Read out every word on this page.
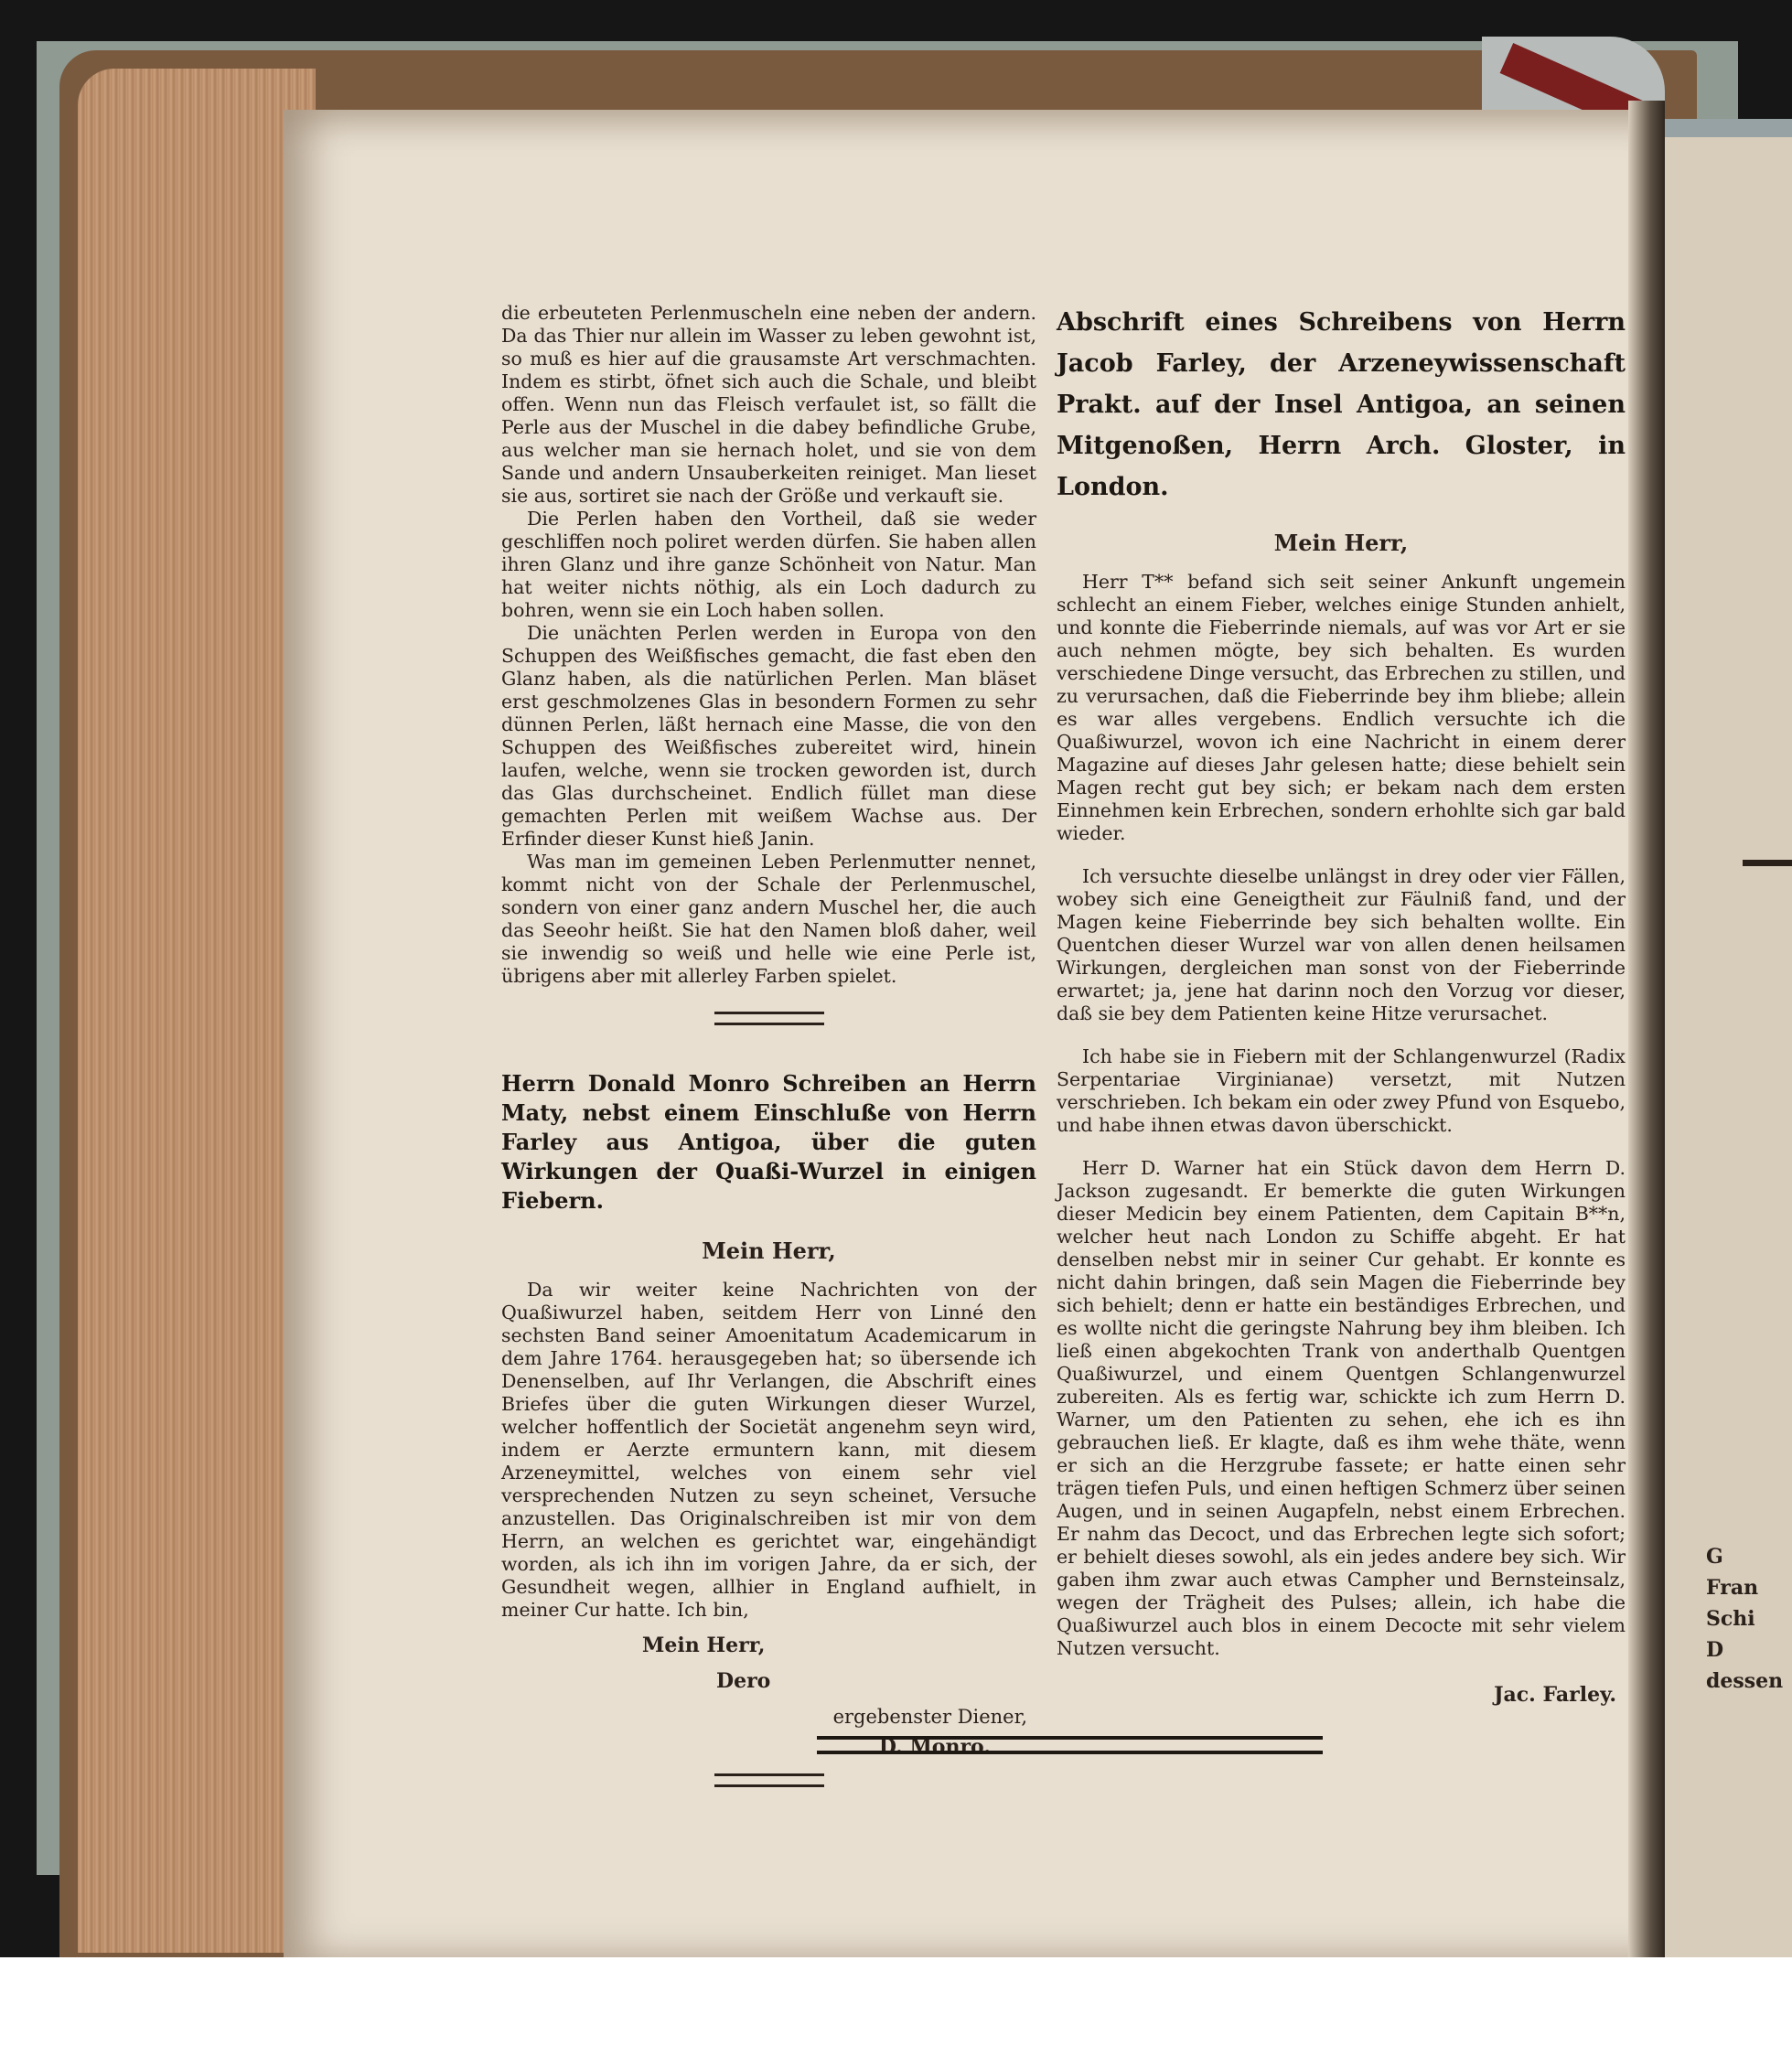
die erbeuteten Perlenmuscheln eine neben der andern. Da das Thier nur allein im Wasser zu leben gewohnt ist, so muß es hier auf die grausamste Art verschmachten. Indem es stirbt, öfnet sich auch die Schale, und bleibt offen. Wenn nun das Fleisch verfaulet ist, so fällt die Perle aus der Muschel in die dabey befindliche Grube, aus welcher man sie hernach holet, und sie von dem Sande und andern Unsauberkeiten reiniget. Man lieset sie aus, sortiret sie nach der Größe und verkauft sie.

Die Perlen haben den Vortheil, daß sie weder geschliffen noch poliret werden dürfen. Sie haben allen ihren Glanz und ihre ganze Schönheit von Natur. Man hat weiter nichts nöthig, als ein Loch dadurch zu bohren, wenn sie ein Loch haben sollen.

Die unächten Perlen werden in Europa von den Schuppen des Weißfisches gemacht, die fast eben den Glanz haben, als die natürlichen Perlen. Man bläset erst geschmolzenes Glas in besondern Formen zu sehr dünnen Perlen, läßt hernach eine Masse, die von den Schuppen des Weißfisches zubereitet wird, hinein laufen, welche, wenn sie trocken geworden ist, durch das Glas durchscheinet. Endlich füllet man diese gemachten Perlen mit weißem Wachse aus. Der Erfinder dieser Kunst hieß Janin.

Was man im gemeinen Leben Perlenmutter nennet, kommt nicht von der Schale der Perlenmuschel, sondern von einer ganz andern Muschel her, die auch das Seeohr heißt. Sie hat den Namen bloß daher, weil sie inwendig so weiß und helle wie eine Perle ist, übrigens aber mit allerley Farben spielet.

Herrn Donald Monro Schreiben an Herrn Maty, nebst einem Einschluße von Herrn Farley aus Antigoa, über die guten Wirkungen der Quaßi-Wurzel in einigen Fiebern.

Mein Herr,

Da wir weiter keine Nachrichten von der Quaßiwurzel haben, seitdem Herr von Linné den sechsten Band seiner Amoenitatum Academicarum in dem Jahre 1764. herausgegeben hat; so übersende ich Denenselben, auf Ihr Verlangen, die Abschrift eines Briefes über die guten Wirkungen dieser Wurzel, welcher hoffentlich der Societät angenehm seyn wird, indem er Aerzte ermuntern kann, mit diesem Arzeneymittel, welches von einem sehr viel versprechenden Nutzen zu seyn scheinet, Versuche anzustellen. Das Originalschreiben ist mir von dem Herrn, an welchen es gerichtet war, eingehändigt worden, als ich ihn im vorigen Jahre, da er sich, der Gesundheit wegen, allhier in England aufhielt, in meiner Cur hatte. Ich bin,

Mein Herr,
Dero
ergebenster Diener,
D. Monro.

Abschrift eines Schreibens von Herrn Jacob Farley, der Arzeneywissenschaft Prakt. auf der Insel Antigoa, an seinen Mitgenoßen, Herrn Arch. Gloster, in London.

Mein Herr,

Herr T** befand sich seit seiner Ankunft ungemein schlecht an einem Fieber, welches einige Stunden anhielt, und konnte die Fieberrinde niemals, auf was vor Art er sie auch nehmen mögte, bey sich behalten. Es wurden verschiedene Dinge versucht, das Erbrechen zu stillen, und zu verursachen, daß die Fieberrinde bey ihm bliebe; allein es war alles vergebens. Endlich versuchte ich die Quaßiwurzel, wovon ich eine Nachricht in einem derer Magazine auf dieses Jahr gelesen hatte; diese behielt sein Magen recht gut bey sich; er bekam nach dem ersten Einnehmen kein Erbrechen, sondern erhohlte sich gar bald wieder.

Ich versuchte dieselbe unlängst in drey oder vier Fällen, wobey sich eine Geneigtheit zur Fäulniß fand, und der Magen keine Fieberrinde bey sich behalten wollte. Ein Quentchen dieser Wurzel war von allen denen heilsamen Wirkungen, dergleichen man sonst von der Fieberrinde erwartet; ja, jene hat darinn noch den Vorzug vor dieser, daß sie bey dem Patienten keine Hitze verursachet.

Ich habe sie in Fiebern mit der Schlangenwurzel (Radix Serpentariae Virginianae) versetzt, mit Nutzen verschrieben. Ich bekam ein oder zwey Pfund von Esquebo, und habe ihnen etwas davon überschickt.

Herr D. Warner hat ein Stück davon dem Herrn D. Jackson zugesandt. Er bemerkte die guten Wirkungen dieser Medicin bey einem Patienten, dem Capitain B**n, welcher heut nach London zu Schiffe abgeht. Er hat denselben nebst mir in seiner Cur gehabt. Er konnte es nicht dahin bringen, daß sein Magen die Fieberrinde bey sich behielt; denn er hatte ein beständiges Erbrechen, und es wollte nicht die geringste Nahrung bey ihm bleiben. Ich ließ einen abgekochten Trank von anderthalb Quentgen Quaßiwurzel, und einem Quentgen Schlangenwurzel zubereiten. Als es fertig war, schickte ich zum Herrn D. Warner, um den Patienten zu sehen, ehe ich es ihn gebrauchen ließ. Er klagte, daß es ihm wehe thäte, wenn er sich an die Herzgrube fassete; er hatte einen sehr trägen tiefen Puls, und einen heftigen Schmerz über seinen Augen, und in seinen Augapfeln, nebst einem Erbrechen. Er nahm das Decoct, und das Erbrechen legte sich sofort; er behielt dieses sowohl, als ein jedes andere bey sich. Wir gaben ihm zwar auch etwas Campher und Bernsteinsalz, wegen der Trägheit des Pulses; allein, ich habe die Quaßiwurzel auch blos in einem Decocte mit sehr vielem Nutzen versucht.

Jac. Farley.
G
Fran
Schi
D
dessen
